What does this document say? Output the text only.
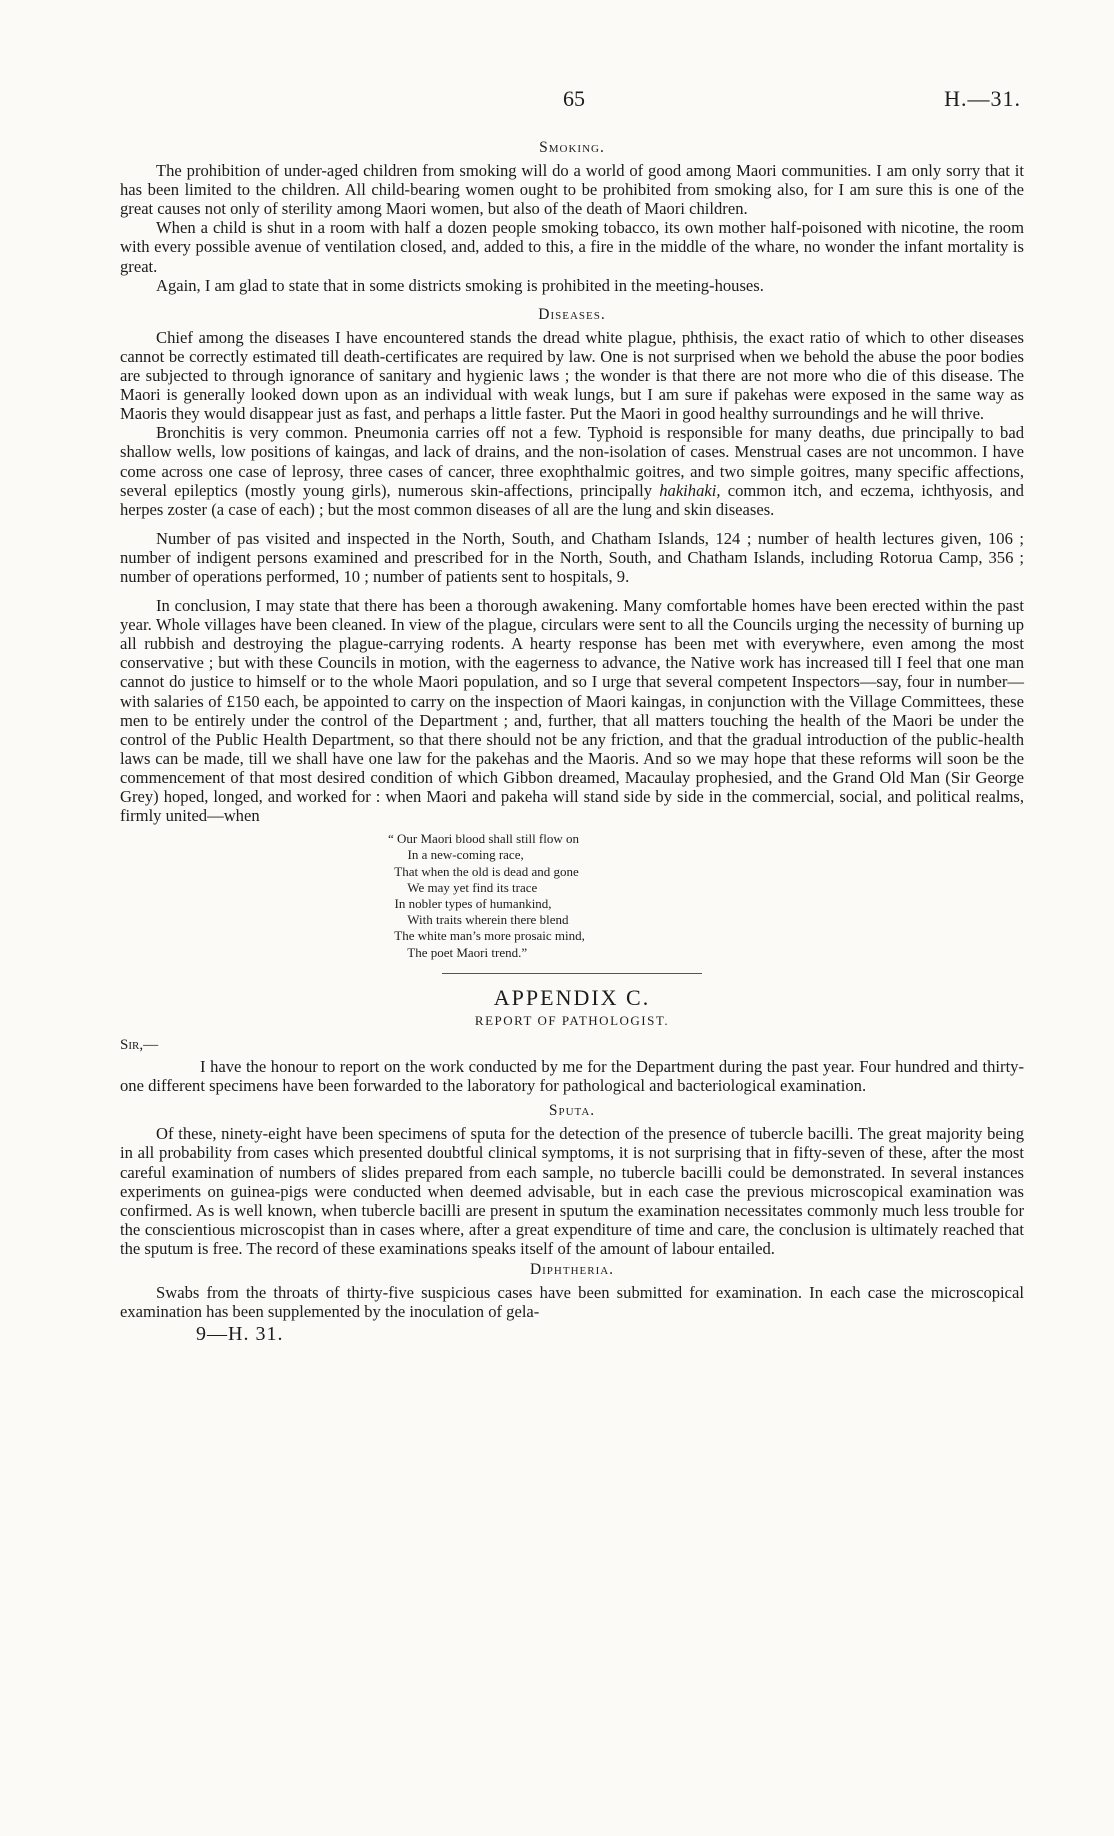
65	H.—31.
Smoking.

The prohibition of under-aged children from smoking will do a world of good among Maori communities. I am only sorry that it has been limited to the children. All child-bearing women ought to be prohibited from smoking also, for I am sure this is one of the great causes not only of sterility among Maori women, but also of the death of Maori children.

When a child is shut in a room with half a dozen people smoking tobacco, its own mother half-poisoned with nicotine, the room with every possible avenue of ventilation closed, and, added to this, a fire in the middle of the whare, no wonder the infant mortality is great.

Again, I am glad to state that in some districts smoking is prohibited in the meeting-houses.

Diseases.

Chief among the diseases I have encountered stands the dread white plague, phthisis, the exact ratio of which to other diseases cannot be correctly estimated till death-certificates are required by law. One is not surprised when we behold the abuse the poor bodies are subjected to through ignorance of sanitary and hygienic laws ; the wonder is that there are not more who die of this disease. The Maori is generally looked down upon as an individual with weak lungs, but I am sure if pakehas were exposed in the same way as Maoris they would disappear just as fast, and perhaps a little faster. Put the Maori in good healthy surroundings and he will thrive.

Bronchitis is very common. Pneumonia carries off not a few. Typhoid is responsible for many deaths, due principally to bad shallow wells, low positions of kaingas, and lack of drains, and the non-isolation of cases. Menstrual cases are not uncommon. I have come across one case of leprosy, three cases of cancer, three exophthalmic goitres, and two simple goitres, many specific affections, several epileptics (mostly young girls), numerous skin-affections, principally hakihaki, common itch, and eczema, ichthyosis, and herpes zoster (a case of each) ; but the most common diseases of all are the lung and skin diseases.

Number of pas visited and inspected in the North, South, and Chatham Islands, 124 ; number of health lectures given, 106 ; number of indigent persons examined and prescribed for in the North, South, and Chatham Islands, including Rotorua Camp, 356 ; number of operations performed, 10 ; number of patients sent to hospitals, 9.

In conclusion, I may state that there has been a thorough awakening. Many comfortable homes have been erected within the past year. Whole villages have been cleaned. In view of the plague, circulars were sent to all the Councils urging the necessity of burning up all rubbish and destroying the plague-carrying rodents. A hearty response has been met with everywhere, even among the most conservative ; but with these Councils in motion, with the eagerness to advance, the Native work has increased till I feel that one man cannot do justice to himself or to the whole Maori population, and so I urge that several competent Inspectors—say, four in number—with salaries of £150 each, be appointed to carry on the inspection of Maori kaingas, in conjunction with the Village Committees, these men to be entirely under the control of the Department ; and, further, that all matters touching the health of the Maori be under the control of the Public Health Department, so that there should not be any friction, and that the gradual introduction of the public-health laws can be made, till we shall have one law for the pakehas and the Maoris. And so we may hope that these reforms will soon be the commencement of that most desired condition of which Gibbon dreamed, Macaulay prophesied, and the Grand Old Man (Sir George Grey) hoped, longed, and worked for : when Maori and pakeha will stand side by side in the commercial, social, and political realms, firmly united—when

“ Our Maori blood shall still flow on
In a new-coming race,
That when the old is dead and gone
We may yet find its trace
In nobler types of humankind,
With traits wherein there blend
The white man’s more prosaic mind,
The poet Maori trend.”
APPENDIX C.
REPORT OF PATHOLOGIST.
Sir,—

I have the honour to report on the work conducted by me for the Department during the past year. Four hundred and thirty-one different specimens have been forwarded to the laboratory for pathological and bacteriological examination.

Sputa.

Of these, ninety-eight have been specimens of sputa for the detection of the presence of tubercle bacilli. The great majority being in all probability from cases which presented doubtful clinical symptoms, it is not surprising that in fifty-seven of these, after the most careful examination of numbers of slides prepared from each sample, no tubercle bacilli could be demonstrated. In several instances experiments on guinea-pigs were conducted when deemed advisable, but in each case the previous microscopical examination was confirmed. As is well known, when tubercle bacilli are present in sputum the examination necessitates commonly much less trouble for the conscientious microscopist than in cases where, after a great expenditure of time and care, the conclusion is ultimately reached that the sputum is free. The record of these examinations speaks itself of the amount of labour entailed.

Diphtheria.

Swabs from the throats of thirty-five suspicious cases have been submitted for examination. In each case the microscopical examination has been supplemented by the inoculation of gela-

9—H. 31.
